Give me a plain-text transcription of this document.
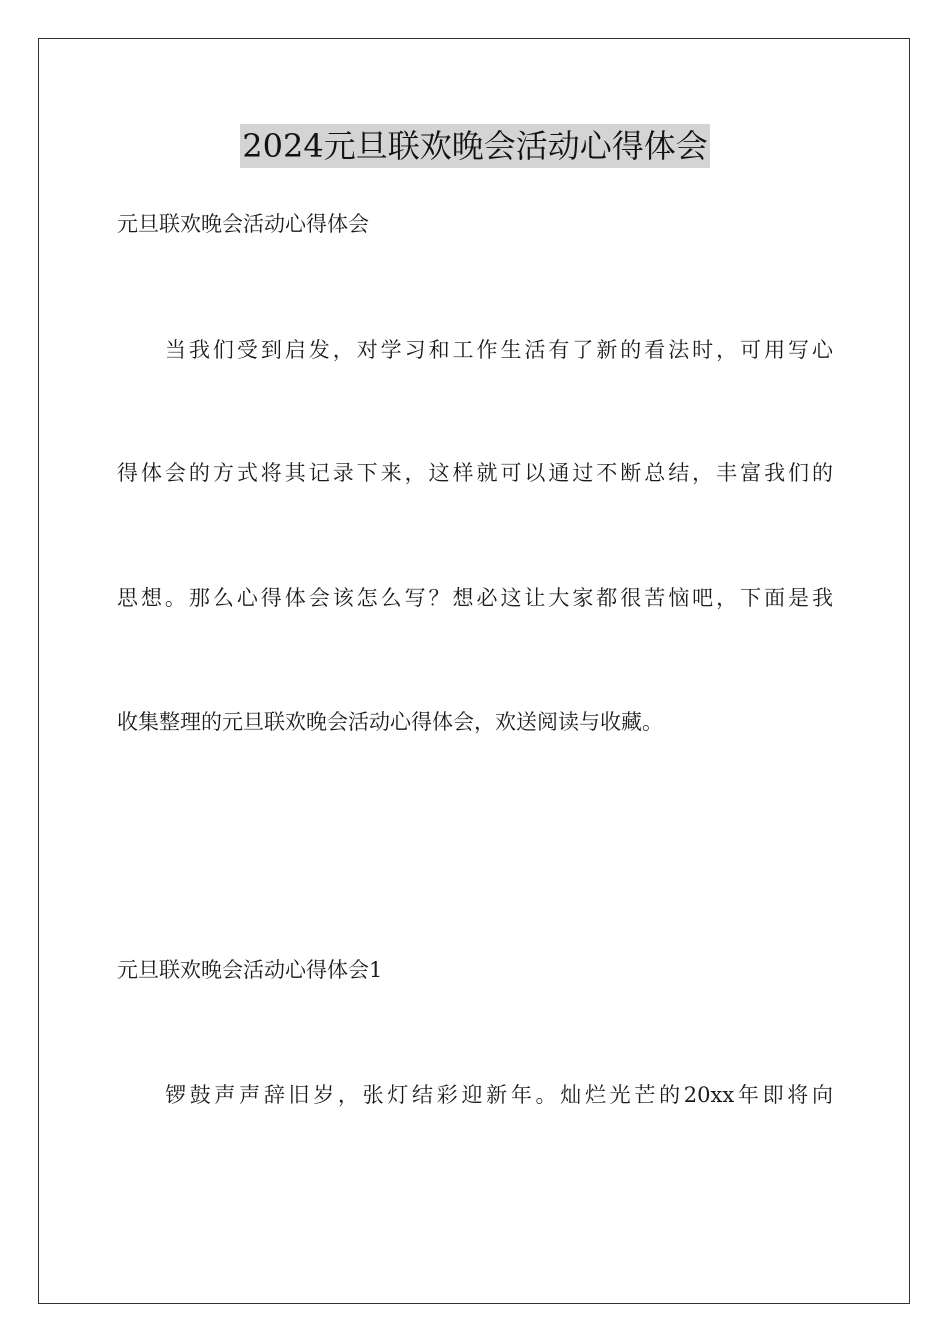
2024元旦联欢晚会活动心得体会
元旦联欢晚会活动心得体会
当我们受到启发，对学习和工作生活有了新的看法时，可用写心
得体会的方式将其记录下来，这样就可以通过不断总结，丰富我们的
思想。那么心得体会该怎么写？想必这让大家都很苦恼吧，下面是我
收集整理的元旦联欢晚会活动心得体会，欢送阅读与收藏。
元旦联欢晚会活动心得体会1
锣鼓声声辞旧岁，张灯结彩迎新年。灿烂光芒的20xx年即将向
